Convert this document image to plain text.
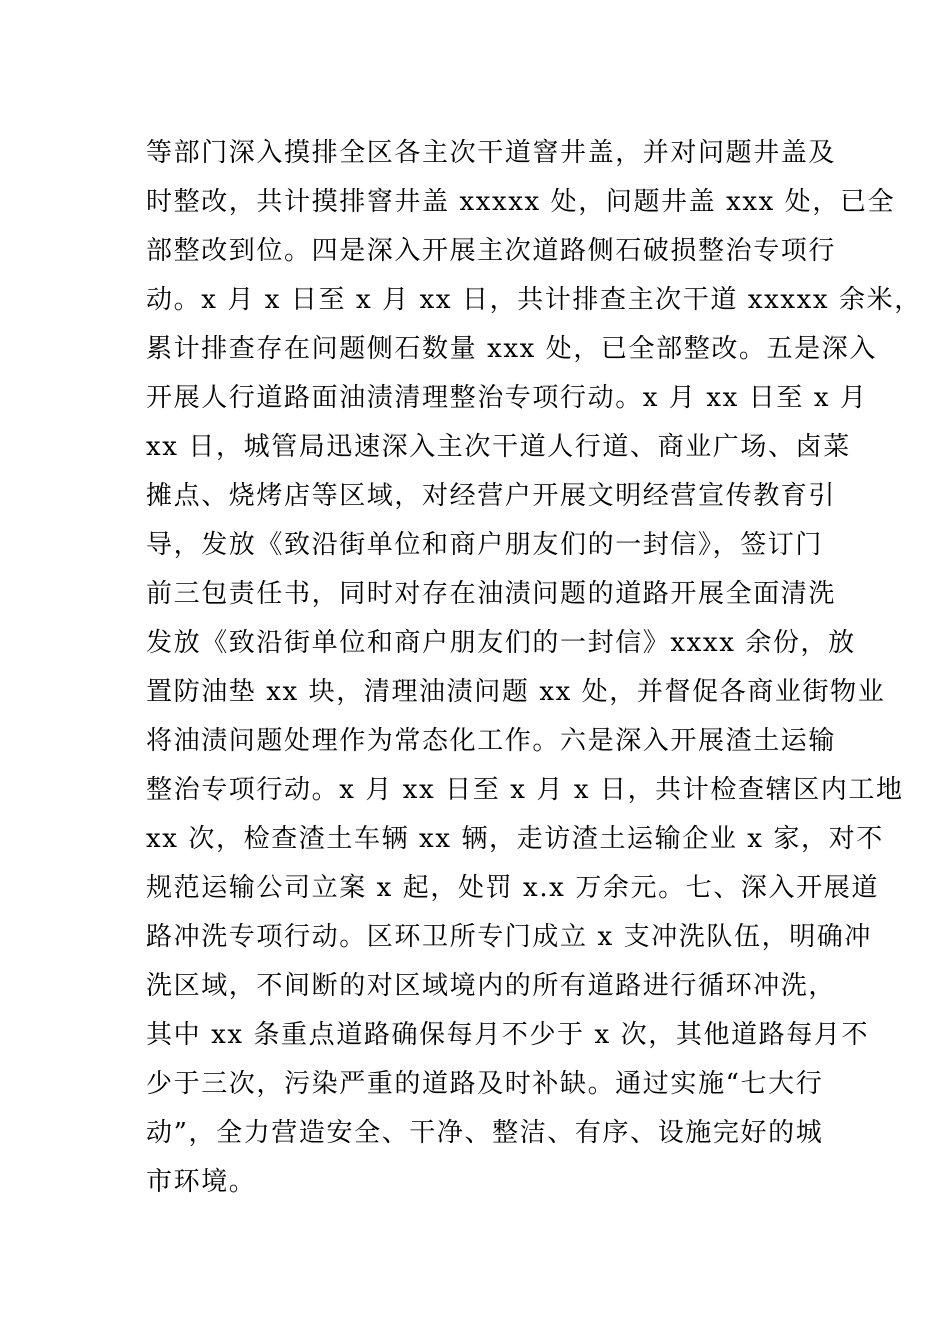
等部门深入摸排全区各主次干道窨井盖，并对问题井盖及
时整改，共计摸排窨井盖 xxxxx 处，问题井盖 xxx 处，已全
部整改到位。四是深入开展主次道路侧石破损整治专项行
动。x 月 x 日至 x 月 xx 日，共计排查主次干道 xxxxx 余米，
累计排查存在问题侧石数量 xxx 处，已全部整改。五是深入
开展人行道路面油渍清理整治专项行动。x 月 xx 日至 x 月
xx 日，城管局迅速深入主次干道人行道、商业广场、卤菜
摊点、烧烤店等区域，对经营户开展文明经营宣传教育引
导，发放《致沿街单位和商户朋友们的一封信》，签订门
前三包责任书，同时对存在油渍问题的道路开展全面清洗
发放《致沿街单位和商户朋友们的一封信》xxxx 余份，放
置防油垫 xx 块，清理油渍问题 xx 处，并督促各商业街物业
将油渍问题处理作为常态化工作。六是深入开展渣土运输
整治专项行动。x 月 xx 日至 x 月 x 日，共计检查辖区内工地
xx 次，检查渣土车辆 xx 辆，走访渣土运输企业 x 家，对不
规范运输公司立案 x 起，处罚 x.x 万余元。七、深入开展道
路冲洗专项行动。区环卫所专门成立 x 支冲洗队伍，明确冲
洗区域，不间断的对区域境内的所有道路进行循环冲洗，
其中 xx 条重点道路确保每月不少于 x 次，其他道路每月不
少于三次，污染严重的道路及时补缺。通过实施“七大行
动”，全力营造安全、干净、整洁、有序、设施完好的城
市环境。
